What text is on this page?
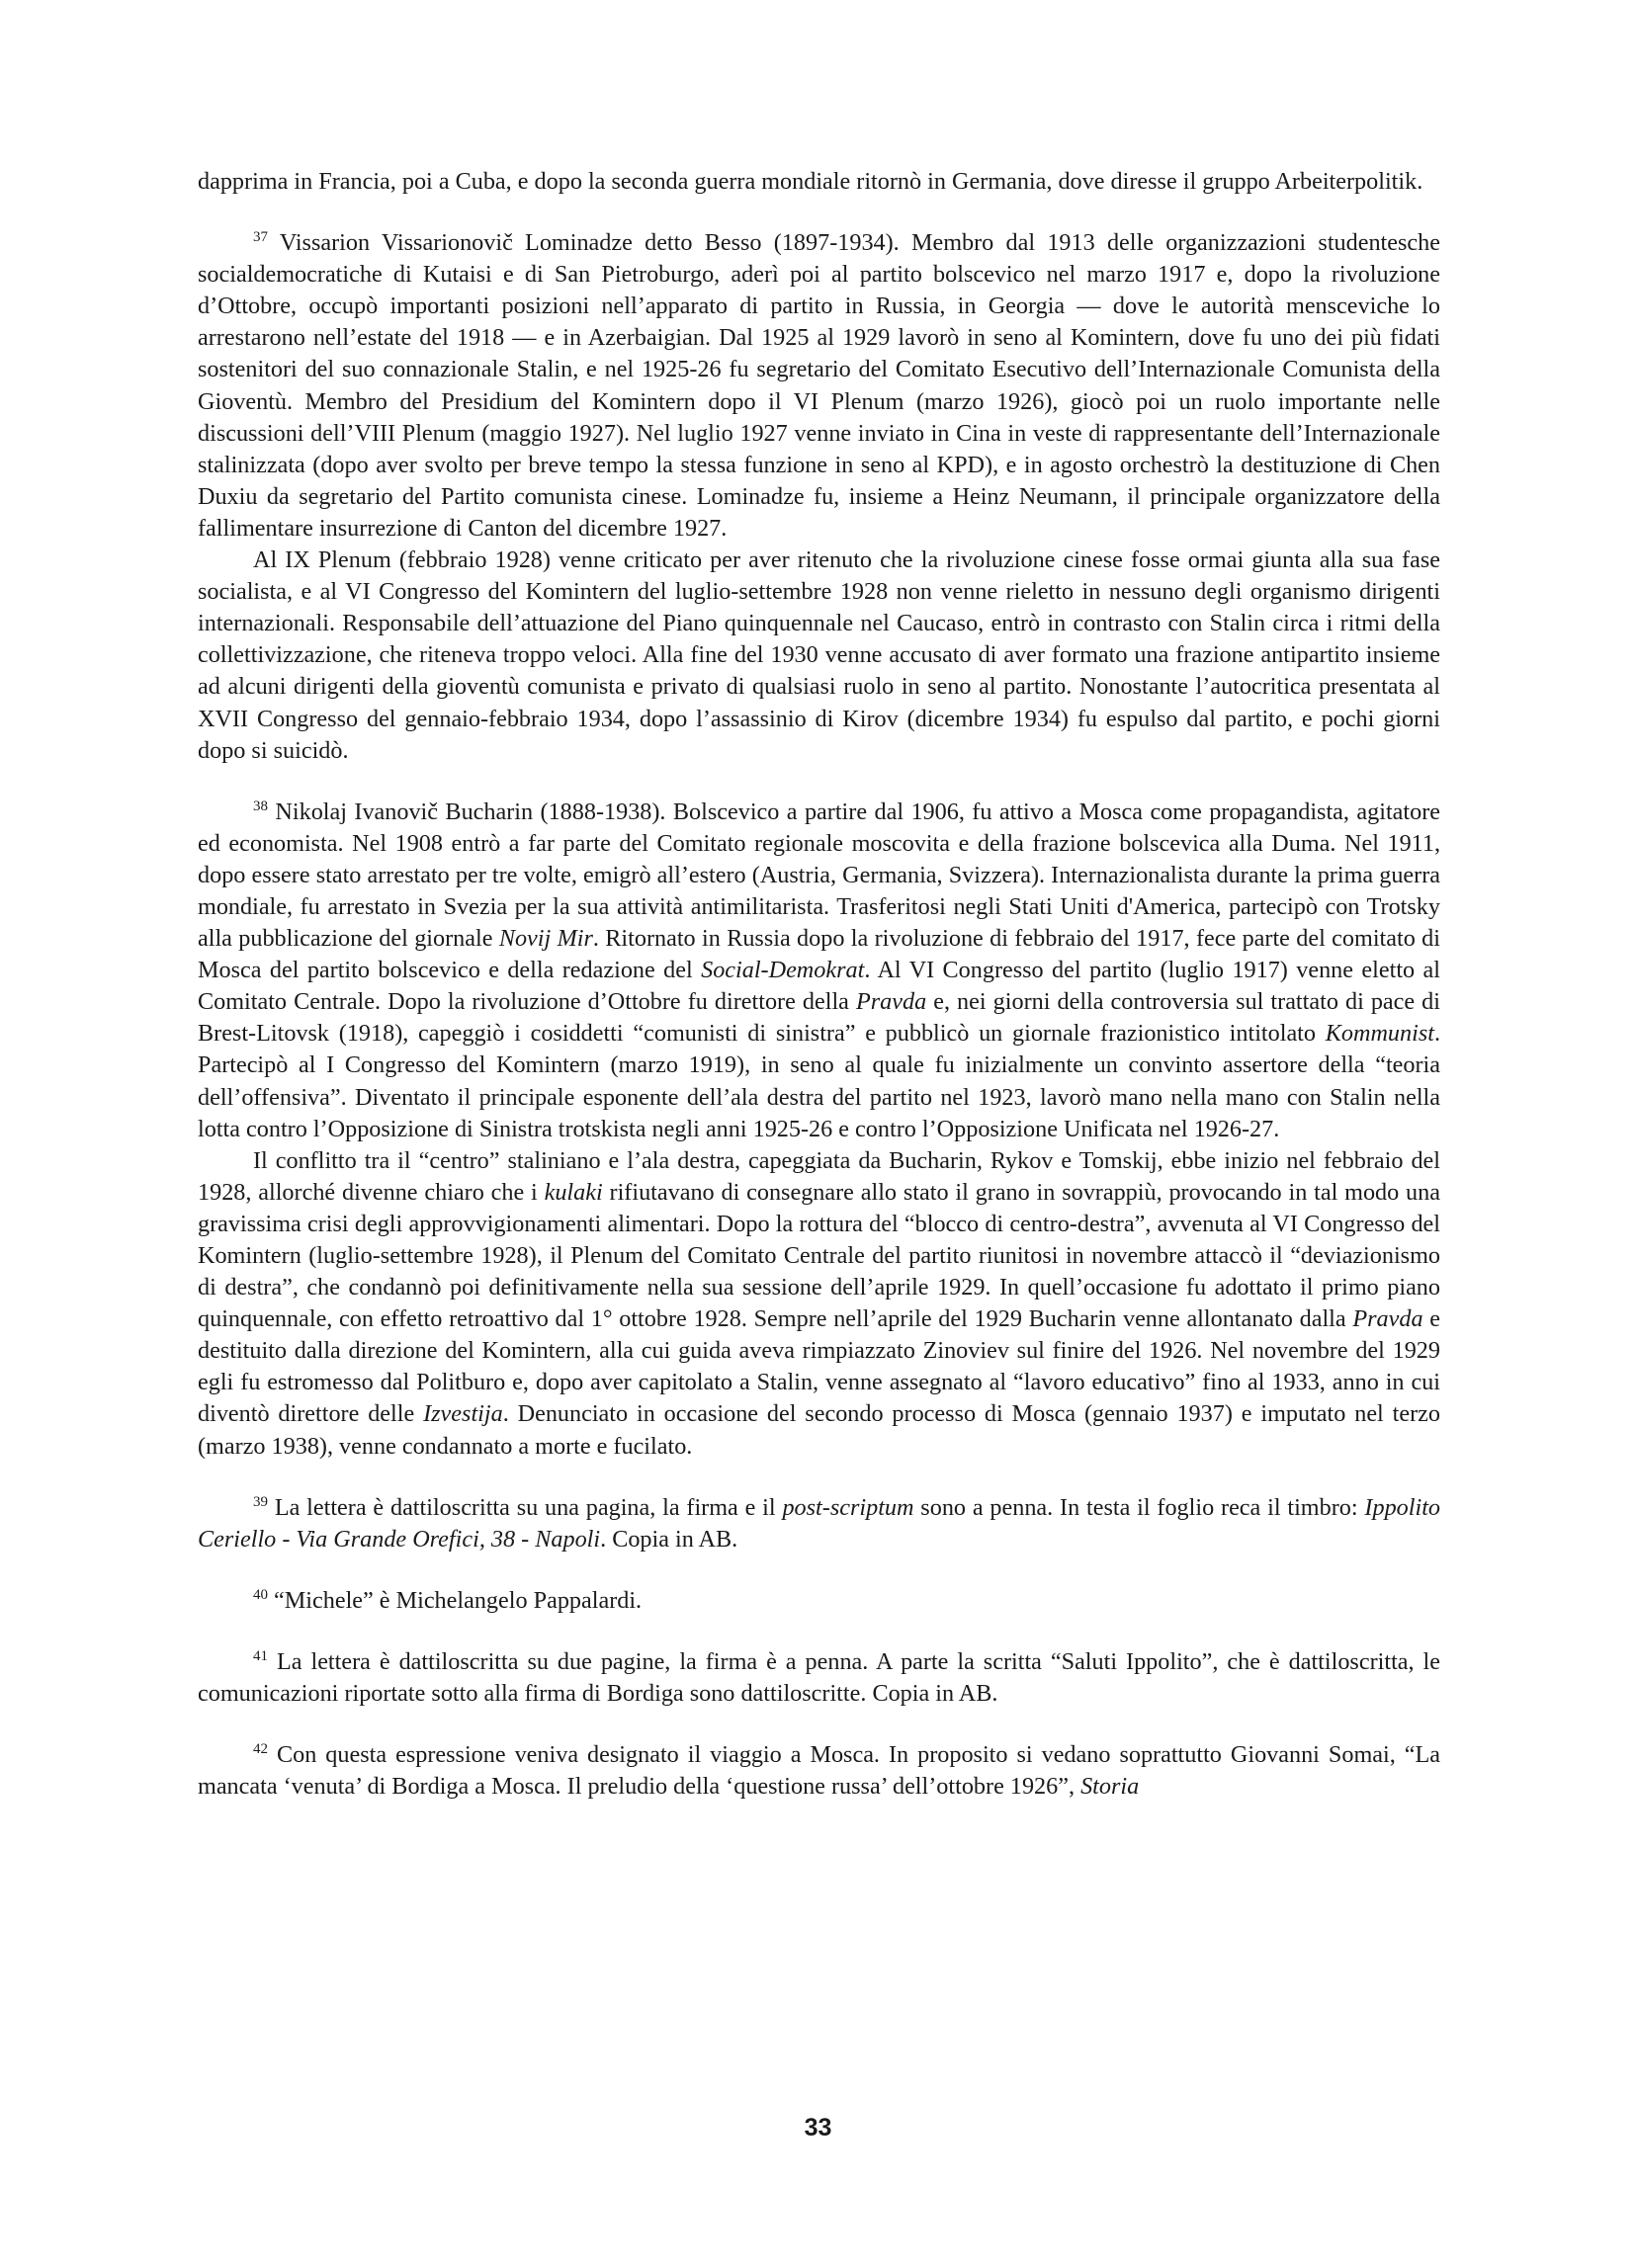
dapprima in Francia, poi a Cuba, e dopo la seconda guerra mondiale ritornò in Germania, dove diresse il gruppo Arbeiterpolitik.

$^{37}$ Vissarion Vissarionovič Lominadze detto Besso (1897-1934). Membro dal 1913 delle organizzazioni studentesche socialdemocratiche di Kutaisi e di San Pietroburgo, aderì poi al partito bolscevico nel marzo 1917 e, dopo la rivoluzione d’Ottobre, occupò importanti posizioni nell’apparato di partito in Russia, in Georgia — dove le autorità mensceviche lo arrestarono nell’estate del 1918 — e in Azerbaigian. Dal 1925 al 1929 lavorò in seno al Komintern, dove fu uno dei più fidati sostenitori del suo connazionale Stalin, e nel 1925-26 fu segretario del Comitato Esecutivo dell’Internazionale Comunista della Gioventù. Membro del Presidium del Komintern dopo il VI Plenum (marzo 1926), giocò poi un ruolo importante nelle discussioni dell’VIII Plenum (maggio 1927). Nel luglio 1927 venne inviato in Cina in veste di rappresentante dell’Internazionale stalinizzata (dopo aver svolto per breve tempo la stessa funzione in seno al KPD), e in agosto orchestrò la destituzione di Chen Duxiu da segretario del Partito comunista cinese. Lominadze fu, insieme a Heinz Neumann, il principale organizzatore della fallimentare insurrezione di Canton del dicembre 1927.

Al IX Plenum (febbraio 1928) venne criticato per aver ritenuto che la rivoluzione cinese fosse ormai giunta alla sua fase socialista, e al VI Congresso del Komintern del luglio-settembre 1928 non venne rieletto in nessuno degli organismo dirigenti internazionali. Responsabile dell’attuazione del Piano quinquennale nel Caucaso, entrò in contrasto con Stalin circa i ritmi della collettivizzazione, che riteneva troppo veloci. Alla fine del 1930 venne accusato di aver formato una frazione antipartito insieme ad alcuni dirigenti della gioventù comunista e privato di qualsiasi ruolo in seno al partito. Nonostante l’autocritica presentata al XVII Congresso del gennaio-febbraio 1934, dopo l’assassinio di Kirov (dicembre 1934) fu espulso dal partito, e pochi giorni dopo si suicidò.

$^{38}$ Nikolaj Ivanovič Bucharin (1888-1938). Bolscevico a partire dal 1906, fu attivo a Mosca come propagandista, agitatore ed economista. Nel 1908 entrò a far parte del Comitato regionale moscovita e della frazione bolscevica alla Duma. Nel 1911, dopo essere stato arrestato per tre volte, emigrò all’estero (Austria, Germania, Svizzera). Internazionalista durante la prima guerra mondiale, fu arrestato in Svezia per la sua attività antimilitarista. Trasferitosi negli Stati Uniti d'America, partecipò con Trotsky alla pubblicazione del giornale Novij Mir. Ritornato in Russia dopo la rivoluzione di febbraio del 1917, fece parte del comitato di Mosca del partito bolscevico e della redazione del Social-Demokrat. Al VI Congresso del partito (luglio 1917) venne eletto al Comitato Centrale. Dopo la rivoluzione d’Ottobre fu direttore della Pravda e, nei giorni della controversia sul trattato di pace di Brest-Litovsk (1918), capeggiò i cosiddetti “comunisti di sinistra” e pubblicò un giornale frazionistico intitolato Kommunist. Partecipò al I Congresso del Komintern (marzo 1919), in seno al quale fu inizialmente un convinto assertore della “teoria dell’offensiva”. Diventato il principale esponente dell’ala destra del partito nel 1923, lavorò mano nella mano con Stalin nella lotta contro l’Opposizione di Sinistra trotskista negli anni 1925-26 e contro l’Opposizione Unificata nel 1926-27.

Il conflitto tra il “centro” staliniano e l’ala destra, capeggiata da Bucharin, Rykov e Tomskij, ebbe inizio nel febbraio del 1928, allorché divenne chiaro che i kulaki rifiutavano di consegnare allo stato il grano in sovrappiù, provocando in tal modo una gravissima crisi degli approvvigionamenti alimentari. Dopo la rottura del “blocco di centro-destra”, avvenuta al VI Congresso del Komintern (luglio-settembre 1928), il Plenum del Comitato Centrale del partito riunitosi in novembre attaccò il “deviazionismo di destra”, che condannò poi definitivamente nella sua sessione dell’aprile 1929. In quell’occasione fu adottato il primo piano quinquennale, con effetto retroattivo dal 1° ottobre 1928. Sempre nell’aprile del 1929 Bucharin venne allontanato dalla Pravda e destituito dalla direzione del Komintern, alla cui guida aveva rimpiazzato Zinoviev sul finire del 1926. Nel novembre del 1929 egli fu estromesso dal Politburo e, dopo aver capitolato a Stalin, venne assegnato al “lavoro educativo” fino al 1933, anno in cui diventò direttore delle Izvestija. Denunciato in occasione del secondo processo di Mosca (gennaio 1937) e imputato nel terzo (marzo 1938), venne condannato a morte e fucilato.

$^{39}$ La lettera è dattiloscritta su una pagina, la firma e il post-scriptum sono a penna. In testa il foglio reca il timbro: Ippolito Ceriello - Via Grande Orefici, 38 - Napoli. Copia in AB.

$^{40}$ “Michele” è Michelangelo Pappalardi.

$^{41}$ La lettera è dattiloscritta su due pagine, la firma è a penna. A parte la scritta “Saluti Ippolito”, che è dattiloscritta, le comunicazioni riportate sotto alla firma di Bordiga sono dattiloscritte. Copia in AB.

$^{42}$ Con questa espressione veniva designato il viaggio a Mosca. In proposito si vedano soprattutto Giovanni Somai, “La mancata ‘venuta’ di Bordiga a Mosca. Il preludio della ‘questione russa’ dell’ottobre 1926”, Storia

33
